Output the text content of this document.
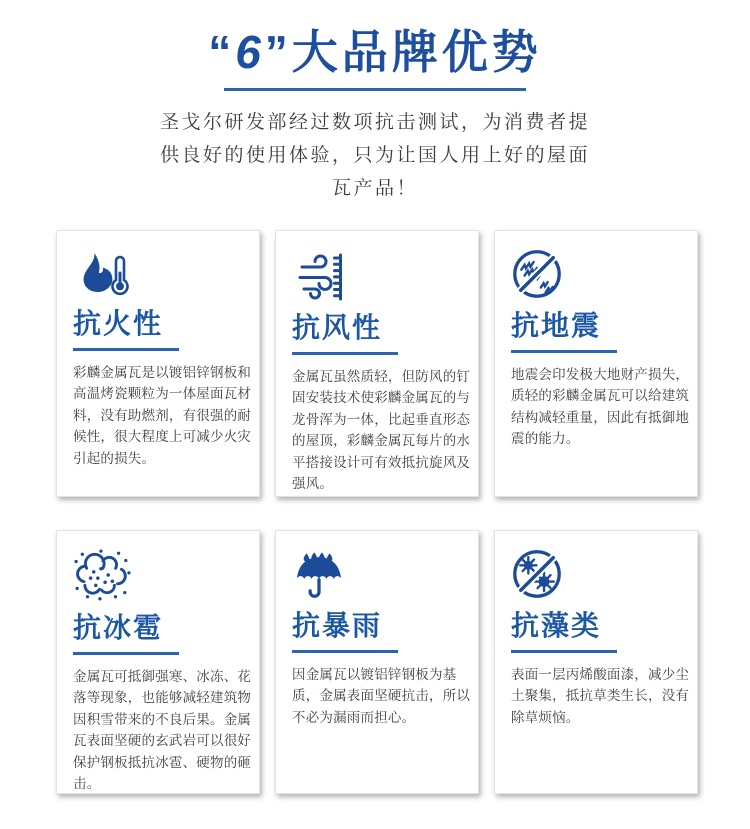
“6”大品牌优势
圣戈尔研发部经过数项抗击测试，为消费者提
供良好的使用体验，只为让国人用上好的屋面
瓦产品！
抗火性

彩麟金属瓦是以镀铝锌钢板和高温烤瓷颗粒为一体屋面瓦材料，没有助燃剂，有很强的耐候性，很大程度上可减少火灾引起的损失。

抗风性

金属瓦虽然质轻，但防风的钉固安装技术使彩麟金属瓦的与龙骨浑为一体，比起垂直形态的屋顶，彩麟金属瓦每片的水平搭接设计可有效抵抗旋风及强风。

抗地震

地震会印发极大地财产损失，质轻的彩麟金属瓦可以给建筑结构减轻重量，因此有抵御地震的能力。

抗冰雹

金属瓦可抵御强寒、冰冻、花落等现象，也能够减轻建筑物因积雪带来的不良后果。金属瓦表面坚硬的玄武岩可以很好保护钢板抵抗冰雹、硬物的砸击。

抗暴雨

因金属瓦以镀铝锌钢板为基质，金属表面坚硬抗击，所以不必为漏雨而担心。

抗藻类

表面一层丙烯酸面漆，减少尘土聚集，抵抗草类生长，没有除草烦恼。
